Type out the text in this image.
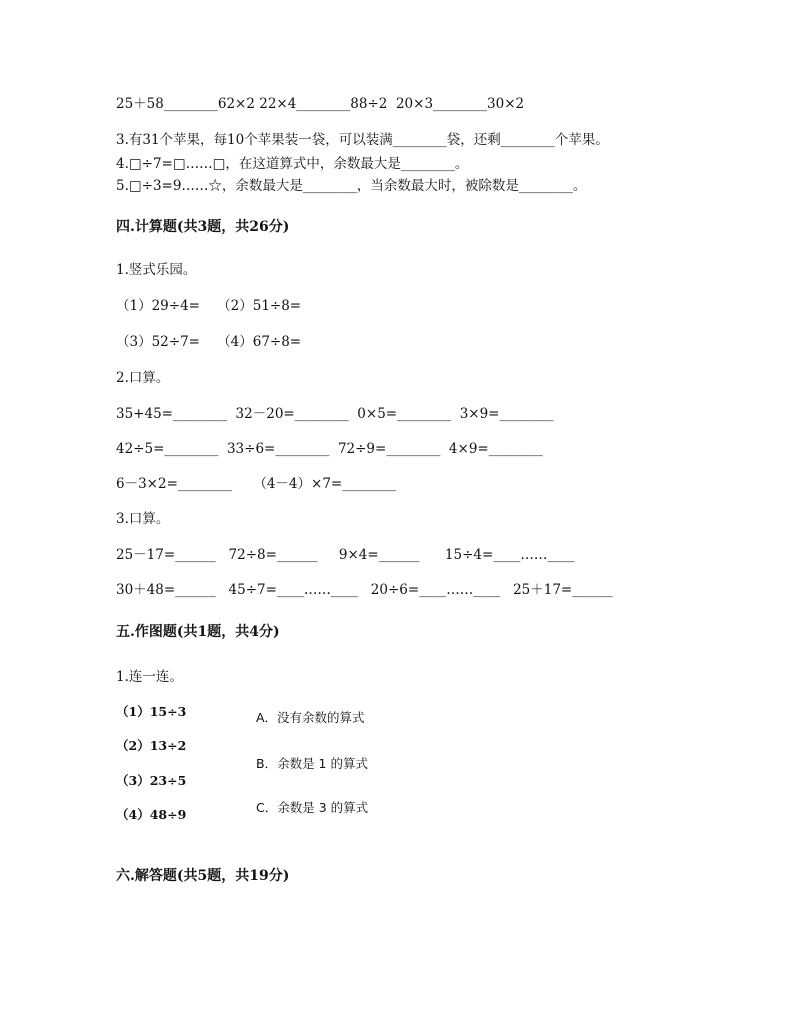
25＋58________62×2 22×4________88÷2  20×3________30×2
3.有31个苹果，每10个苹果装一袋，可以装满________袋，还剩________个苹果。
4.□÷7=□……□，在这道算式中，余数最大是________。
5.□÷3=9……☆，余数最大是________，当余数最大时，被除数是________。
四.计算题(共3题，共26分)
1.竖式乐园。
（1）29÷4=    （2）51÷8=
（3）52÷7=    （4）67÷8=
2.口算。
35+45=________  32－20=________  0×5=________  3×9=________
42÷5=________  33÷6=________  72÷9=________  4×9=________
6－3×2=________     （4－4）×7=________
3.口算。
25－17=______   72÷8=______     9×4=______      15÷4=____……____
30＋48=______   45÷7=____……____   20÷6=____……____   25＋17=______
五.作图题(共1题，共4分)
1.连一连。
（1）15÷3
（2）13÷2
（3）23÷5
（4）48÷9
A．没有余数的算式
B．余数是 1 的算式
C．余数是 3 的算式
六.解答题(共5题，共19分)
